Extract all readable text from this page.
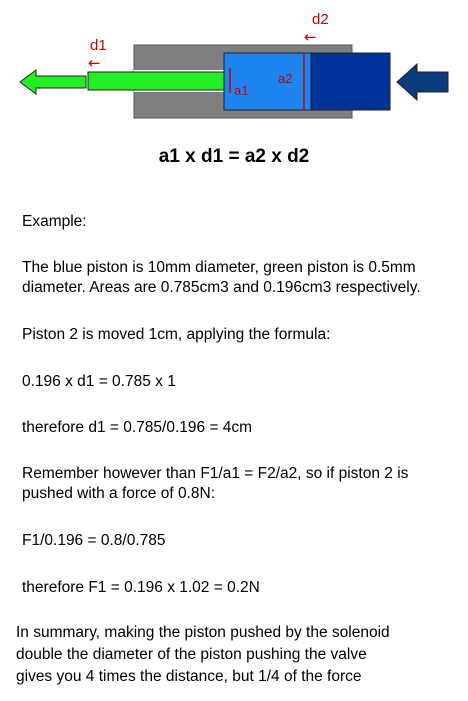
d1
←
d2
←
a1
a2
a1 x d1 = a2 x d2
Example:
The blue piston is 10mm diameter, green piston is 0.5mm
diameter. Areas are 0.785cm3 and 0.196cm3 respectively.
Piston 2 is moved 1cm, applying the formula:
0.196 x d1 = 0.785 x 1
therefore d1 = 0.785/0.196 = 4cm
Remember however than F1/a1 = F2/a2, so if piston 2 is
pushed with a force of 0.8N:
F1/0.196 = 0.8/0.785
therefore F1 = 0.196 x 1.02 = 0.2N
In summary, making the piston pushed by the solenoid
double the diameter of the piston pushing the valve
gives you 4 times the distance, but 1/4 of the force
